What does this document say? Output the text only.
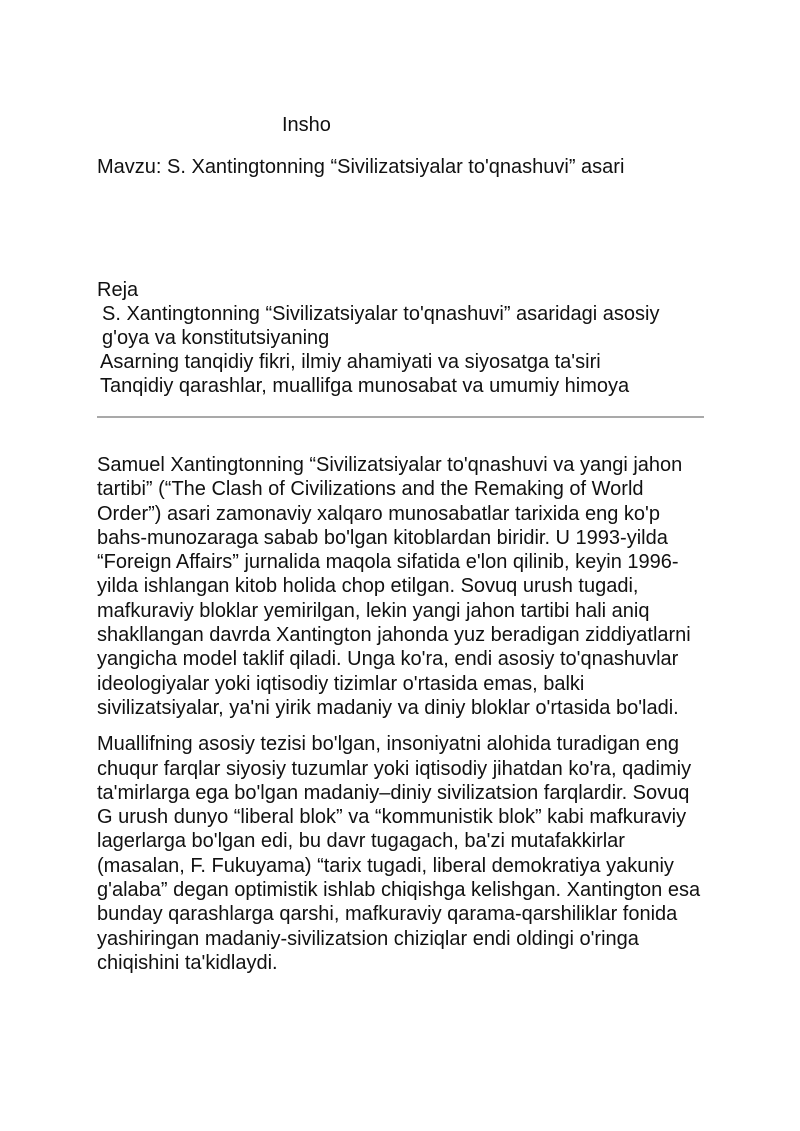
Insho

Mavzu: S. Xantingtonning “Sivilizatsiyalar to'qnashuvi” asari

Reja

S. Xantingtonning “Sivilizatsiyalar to'qnashuvi” asaridagi asosiy g'oya va konstitutsiyaning

Asarning tanqidiy fikri, ilmiy ahamiyati va siyosatga ta'siri

Tanqidiy qarashlar, muallifga munosabat va umumiy himoya

Samuel Xantingtonning “Sivilizatsiyalar to'qnashuvi va yangi jahon tartibi” (“The Clash of Civilizations and the Remaking of World Order”) asari zamonaviy xalqaro munosabatlar tarixida eng ko'p bahs-munozaraga sabab bo'lgan kitoblardan biridir. U 1993-yilda “Foreign Affairs” jurnalida maqola sifatida e'lon qilinib, keyin 1996-yilda ishlangan kitob holida chop etilgan. Sovuq urush tugadi, mafkuraviy bloklar yemirilgan, lekin yangi jahon tartibi hali aniq shakllangan davrda Xantington jahonda yuz beradigan ziddiyatlarni yangicha model taklif qiladi. Unga ko'ra, endi asosiy to'qnashuvlar ideologiyalar yoki iqtisodiy tizimlar o'rtasida emas, balki sivilizatsiyalar, ya'ni yirik madaniy va diniy bloklar o'rtasida bo'ladi.

Muallifning asosiy tezisi bo'lgan, insoniyatni alohida turadigan eng chuqur farqlar siyosiy tuzumlar yoki iqtisodiy jihatdan ko'ra, qadimiy ta'mirlarga ega bo'lgan madaniy–diniy sivilizatsion farqlardir. Sovuq G urush dunyo “liberal blok” va “kommunistik blok” kabi mafkuraviy lagerlarga bo'lgan edi, bu davr tugagach, ba'zi mutafakkirlar (masalan, F. Fukuyama) “tarix tugadi, liberal demokratiya yakuniy g'alaba” degan optimistik ishlab chiqishga kelishgan. Xantington esa bunday qarashlarga qarshi, mafkuraviy qarama-qarshiliklar fonida yashiringan madaniy-sivilizatsion chiziqlar endi oldingi o'ringa chiqishini ta'kidlaydi.
